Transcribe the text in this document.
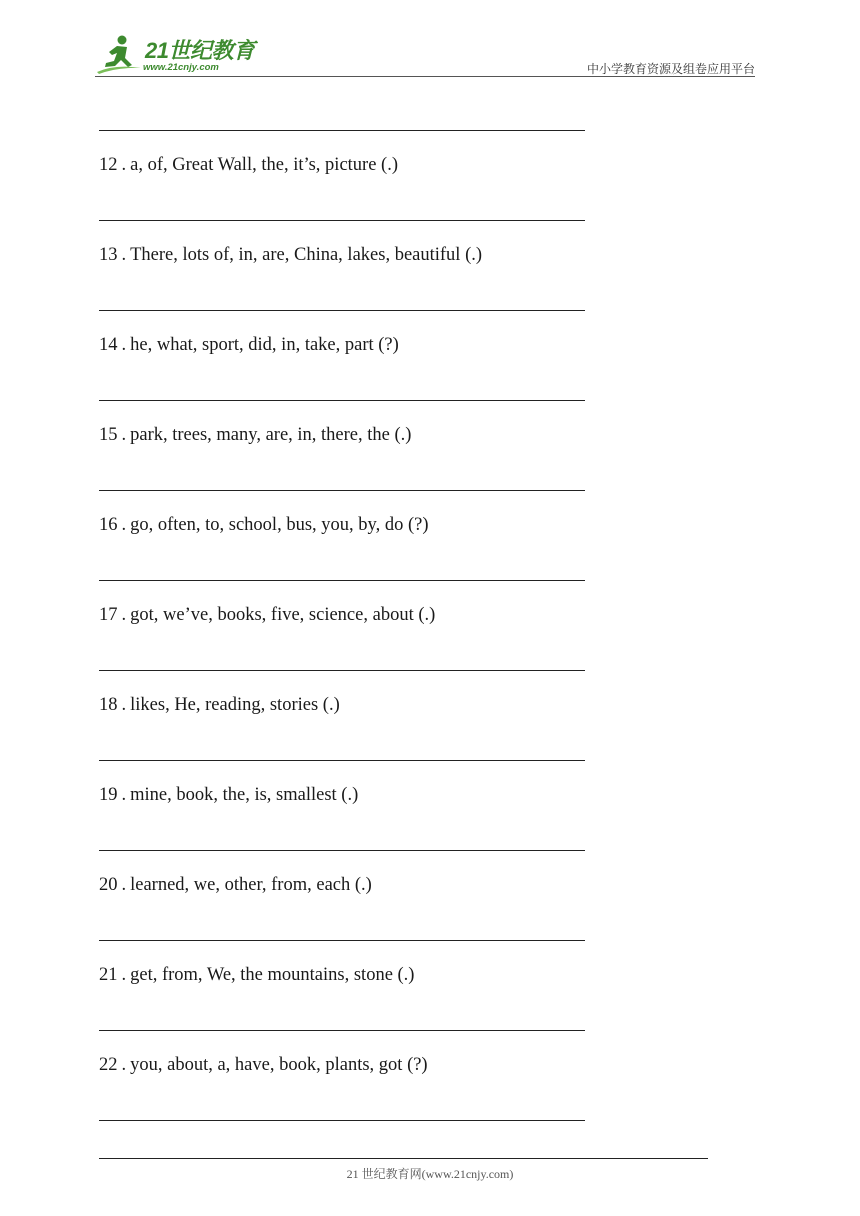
21世纪教育
www.21cnjy.com	中小学教育资源及组卷应用平台
12 . a, of, Great Wall, the, it’s, picture (.)
13 . There, lots of, in, are, China, lakes, beautiful (.)
14 . he, what, sport, did, in, take, part (?)
15 . park, trees, many, are, in, there, the (.)
16 . go, often, to, school, bus, you, by, do (?)
17 . got, we’ve, books, five, science, about (.)
18 . likes, He, reading, stories (.)
19 . mine, book, the, is, smallest (.)
20 . learned, we, other, from, each (.)
21 . get, from, We, the mountains, stone (.)
22 . you, about, a, have, book, plants, got (?)
21 世纪教育网(www.21cnjy.com)
